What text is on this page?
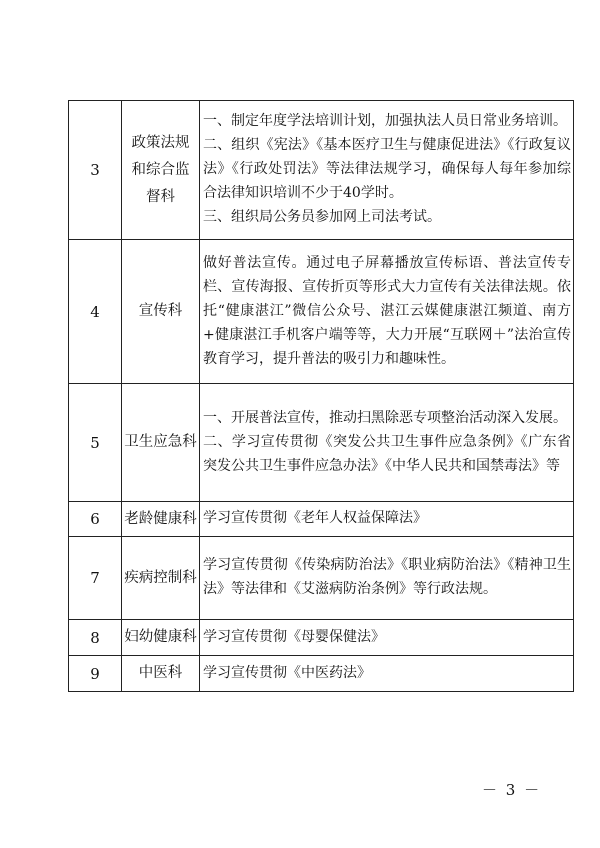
3	政策法规和综合监督科	一、制定年度学法培训计划，加强执法人员日常业务培训。
二、组织《宪法》《基本医疗卫生与健康促进法》《行政复议法》《行政处罚法》等法律法规学习，确保每人每年参加综合法律知识培训不少于40学时。
三、组织局公务员参加网上司法考试。

4	宣传科	做好普法宣传。通过电子屏幕播放宣传标语、普法宣传专栏、宣传海报、宣传折页等形式大力宣传有关法律法规。依托“健康湛江”微信公众号、湛江云媒健康湛江频道、南方+健康湛江手机客户端等等，大力开展“互联网＋”法治宣传教育学习，提升普法的吸引力和趣味性。

5	卫生应急科	一、开展普法宣传，推动扫黑除恶专项整治活动深入发展。
二、学习宣传贯彻《突发公共卫生事件应急条例》《广东省突发公共卫生事件应急办法》《中华人民共和国禁毒法》等

6	老龄健康科	学习宣传贯彻《老年人权益保障法》

7	疾病控制科	学习宣传贯彻《传染病防治法》《职业病防治法》《精神卫生法》等法律和《艾滋病防治条例》等行政法规。

8	妇幼健康科	学习宣传贯彻《母婴保健法》

9	中医科	学习宣传贯彻《中医药法》
－ 3 －
